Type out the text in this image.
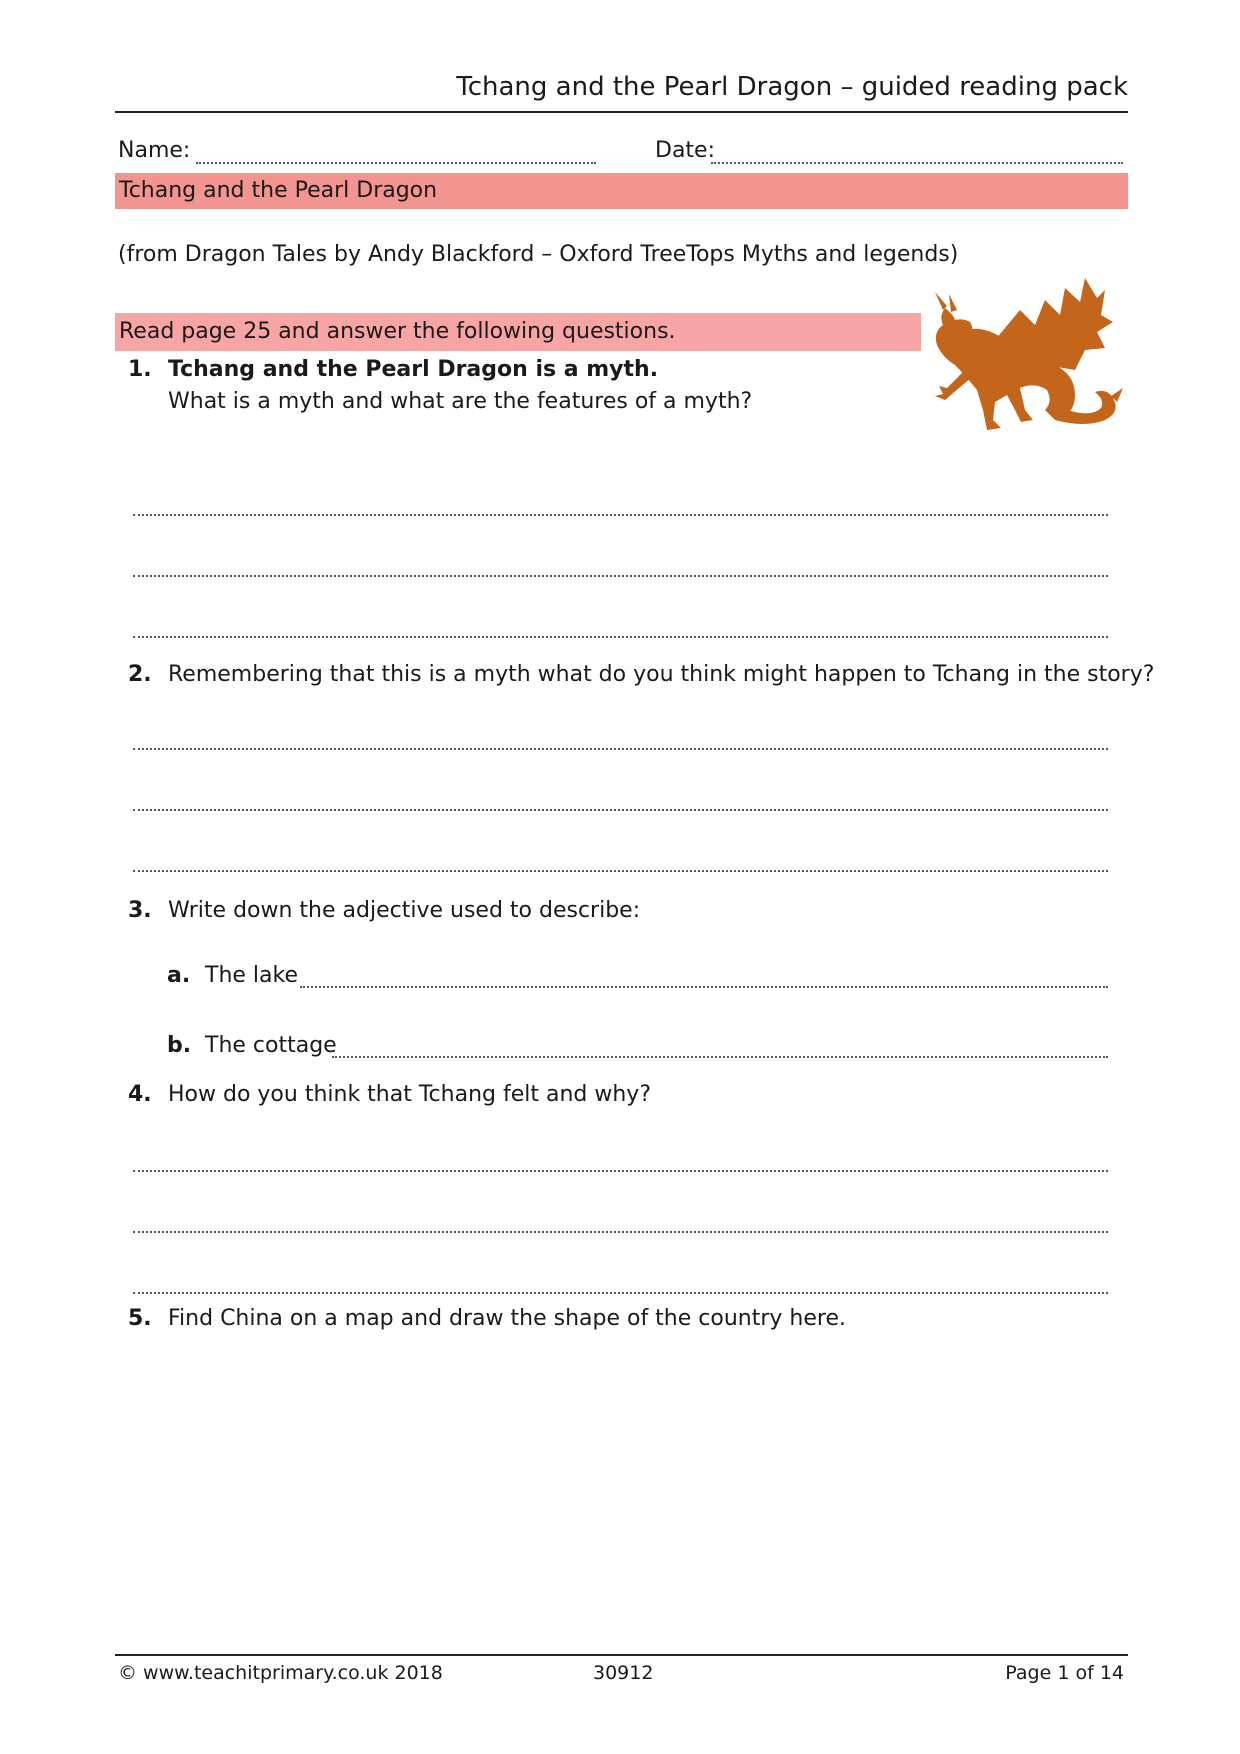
Tchang and the Pearl Dragon – guided reading pack
Name:	Date:
Tchang and the Pearl Dragon
(from Dragon Tales by Andy Blackford – Oxford TreeTops Myths and legends)
Read page 25 and answer the following questions.
1. Tchang and the Pearl Dragon is a myth.
What is a myth and what are the features of a myth?
2. Remembering that this is a myth what do you think might happen to Tchang in the story?
3. Write down the adjective used to describe:
a. The lake
b. The cottage
4. How do you think that Tchang felt and why?
5. Find China on a map and draw the shape of the country here.
© www.teachitprimary.co.uk 2018	30912	Page 1 of 14
